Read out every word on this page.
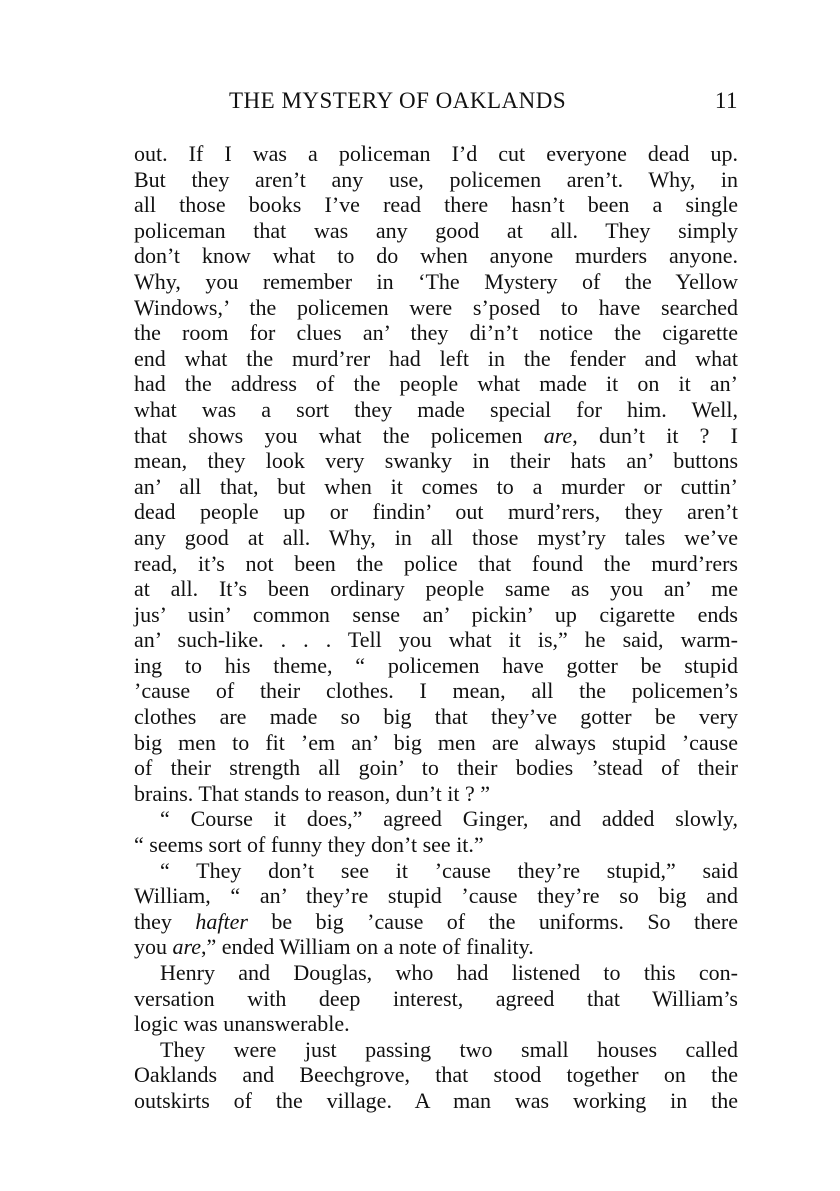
THE MYSTERY OF OAKLANDS	11
out. If I was a policeman I’d cut everyone dead up.
But they aren’t any use, policemen aren’t. Why, in
all those books I’ve read there hasn’t been a single
policeman that was any good at all. They simply
don’t know what to do when anyone murders anyone.
Why, you remember in ‘The Mystery of the Yellow
Windows,’ the policemen were s’posed to have searched
the room for clues an’ they di’n’t notice the cigarette
end what the murd’rer had left in the fender and what
had the address of the people what made it on it an’
what was a sort they made special for him. Well,
that shows you what the policemen are, dun’t it ? I
mean, they look very swanky in their hats an’ buttons
an’ all that, but when it comes to a murder or cuttin’
dead people up or findin’ out murd’rers, they aren’t
any good at all. Why, in all those myst’ry tales we’ve
read, it’s not been the police that found the murd’rers
at all. It’s been ordinary people same as you an’ me
jus’ usin’ common sense an’ pickin’ up cigarette ends
an’ such-like. . . . Tell you what it is,” he said, warm-
ing to his theme, “ policemen have gotter be stupid
’cause of their clothes. I mean, all the policemen’s
clothes are made so big that they’ve gotter be very
big men to fit ’em an’ big men are always stupid ’cause
of their strength all goin’ to their bodies ’stead of their
brains. That stands to reason, dun’t it ? ”
“ Course it does,” agreed Ginger, and added slowly,
“ seems sort of funny they don’t see it.”
“ They don’t see it ’cause they’re stupid,” said
William, “ an’ they’re stupid ’cause they’re so big and
they hafter be big ’cause of the uniforms. So there
you are,” ended William on a note of finality.
Henry and Douglas, who had listened to this con-
versation with deep interest, agreed that William’s
logic was unanswerable.
They were just passing two small houses called
Oaklands and Beechgrove, that stood together on the
outskirts of the village. A man was working in the
